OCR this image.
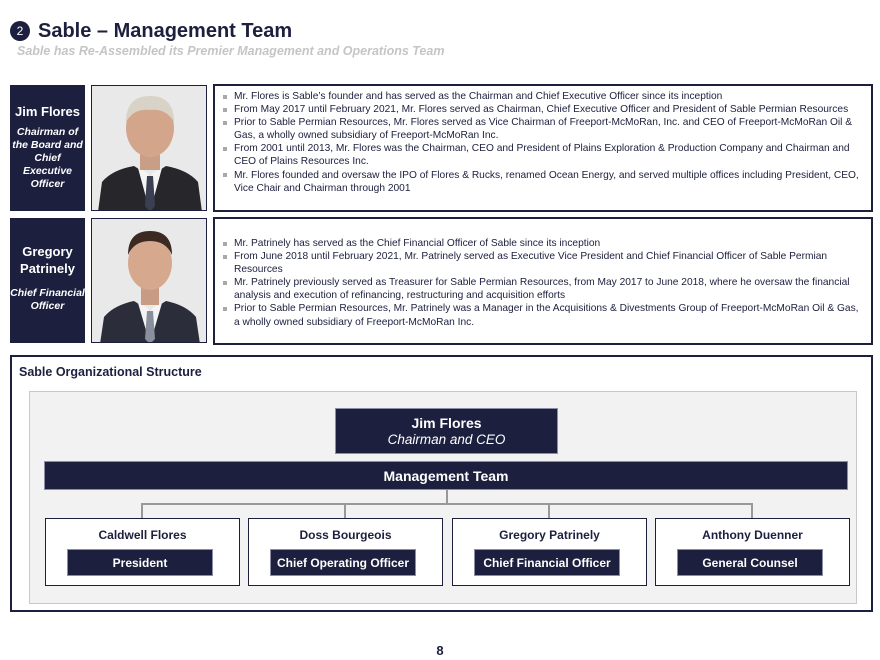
2 Sable – Management Team
Sable has Re-Assembled its Premier Management and Operations Team
Jim Flores
Chairman of the Board and Chief Executive Officer
Mr. Flores is Sable’s founder and has served as the Chairman and Chief Executive Officer since its inception
From May 2017 until February 2021, Mr. Flores served as Chairman, Chief Executive Officer and President of Sable Permian Resources
Prior to Sable Permian Resources, Mr. Flores served as Vice Chairman of Freeport-McMoRan, Inc. and CEO of Freeport-McMoRan Oil & Gas, a wholly owned subsidiary of Freeport-McMoRan Inc.
From 2001 until 2013, Mr. Flores was the Chairman, CEO and President of Plains Exploration & Production Company and Chairman and CEO of Plains Resources Inc.
Mr. Flores founded and oversaw the IPO of Flores & Rucks, renamed Ocean Energy, and served multiple offices including President, CEO, Vice Chair and Chairman through 2001
Gregory Patrinely
Chief Financial Officer
Mr. Patrinely has served as the Chief Financial Officer of Sable since its inception
From June 2018 until February 2021, Mr. Patrinely served as Executive Vice President and Chief Financial Officer of Sable Permian Resources
Mr. Patrinely previously served as Treasurer for Sable Permian Resources, from May 2017 to June 2018, where he oversaw the financial analysis and execution of refinancing, restructuring and acquisition efforts
Prior to Sable Permian Resources, Mr. Patrinely was a Manager in the Acquisitions & Divestments Group of Freeport-McMoRan Oil & Gas, a wholly owned subsidiary of Freeport-McMoRan Inc.
Sable Organizational Structure
Jim Flores
Chairman and CEO
Management Team
Caldwell Flores
President
Doss Bourgeois
Chief Operating Officer
Gregory Patrinely
Chief Financial Officer
Anthony Duenner
General Counsel
8
